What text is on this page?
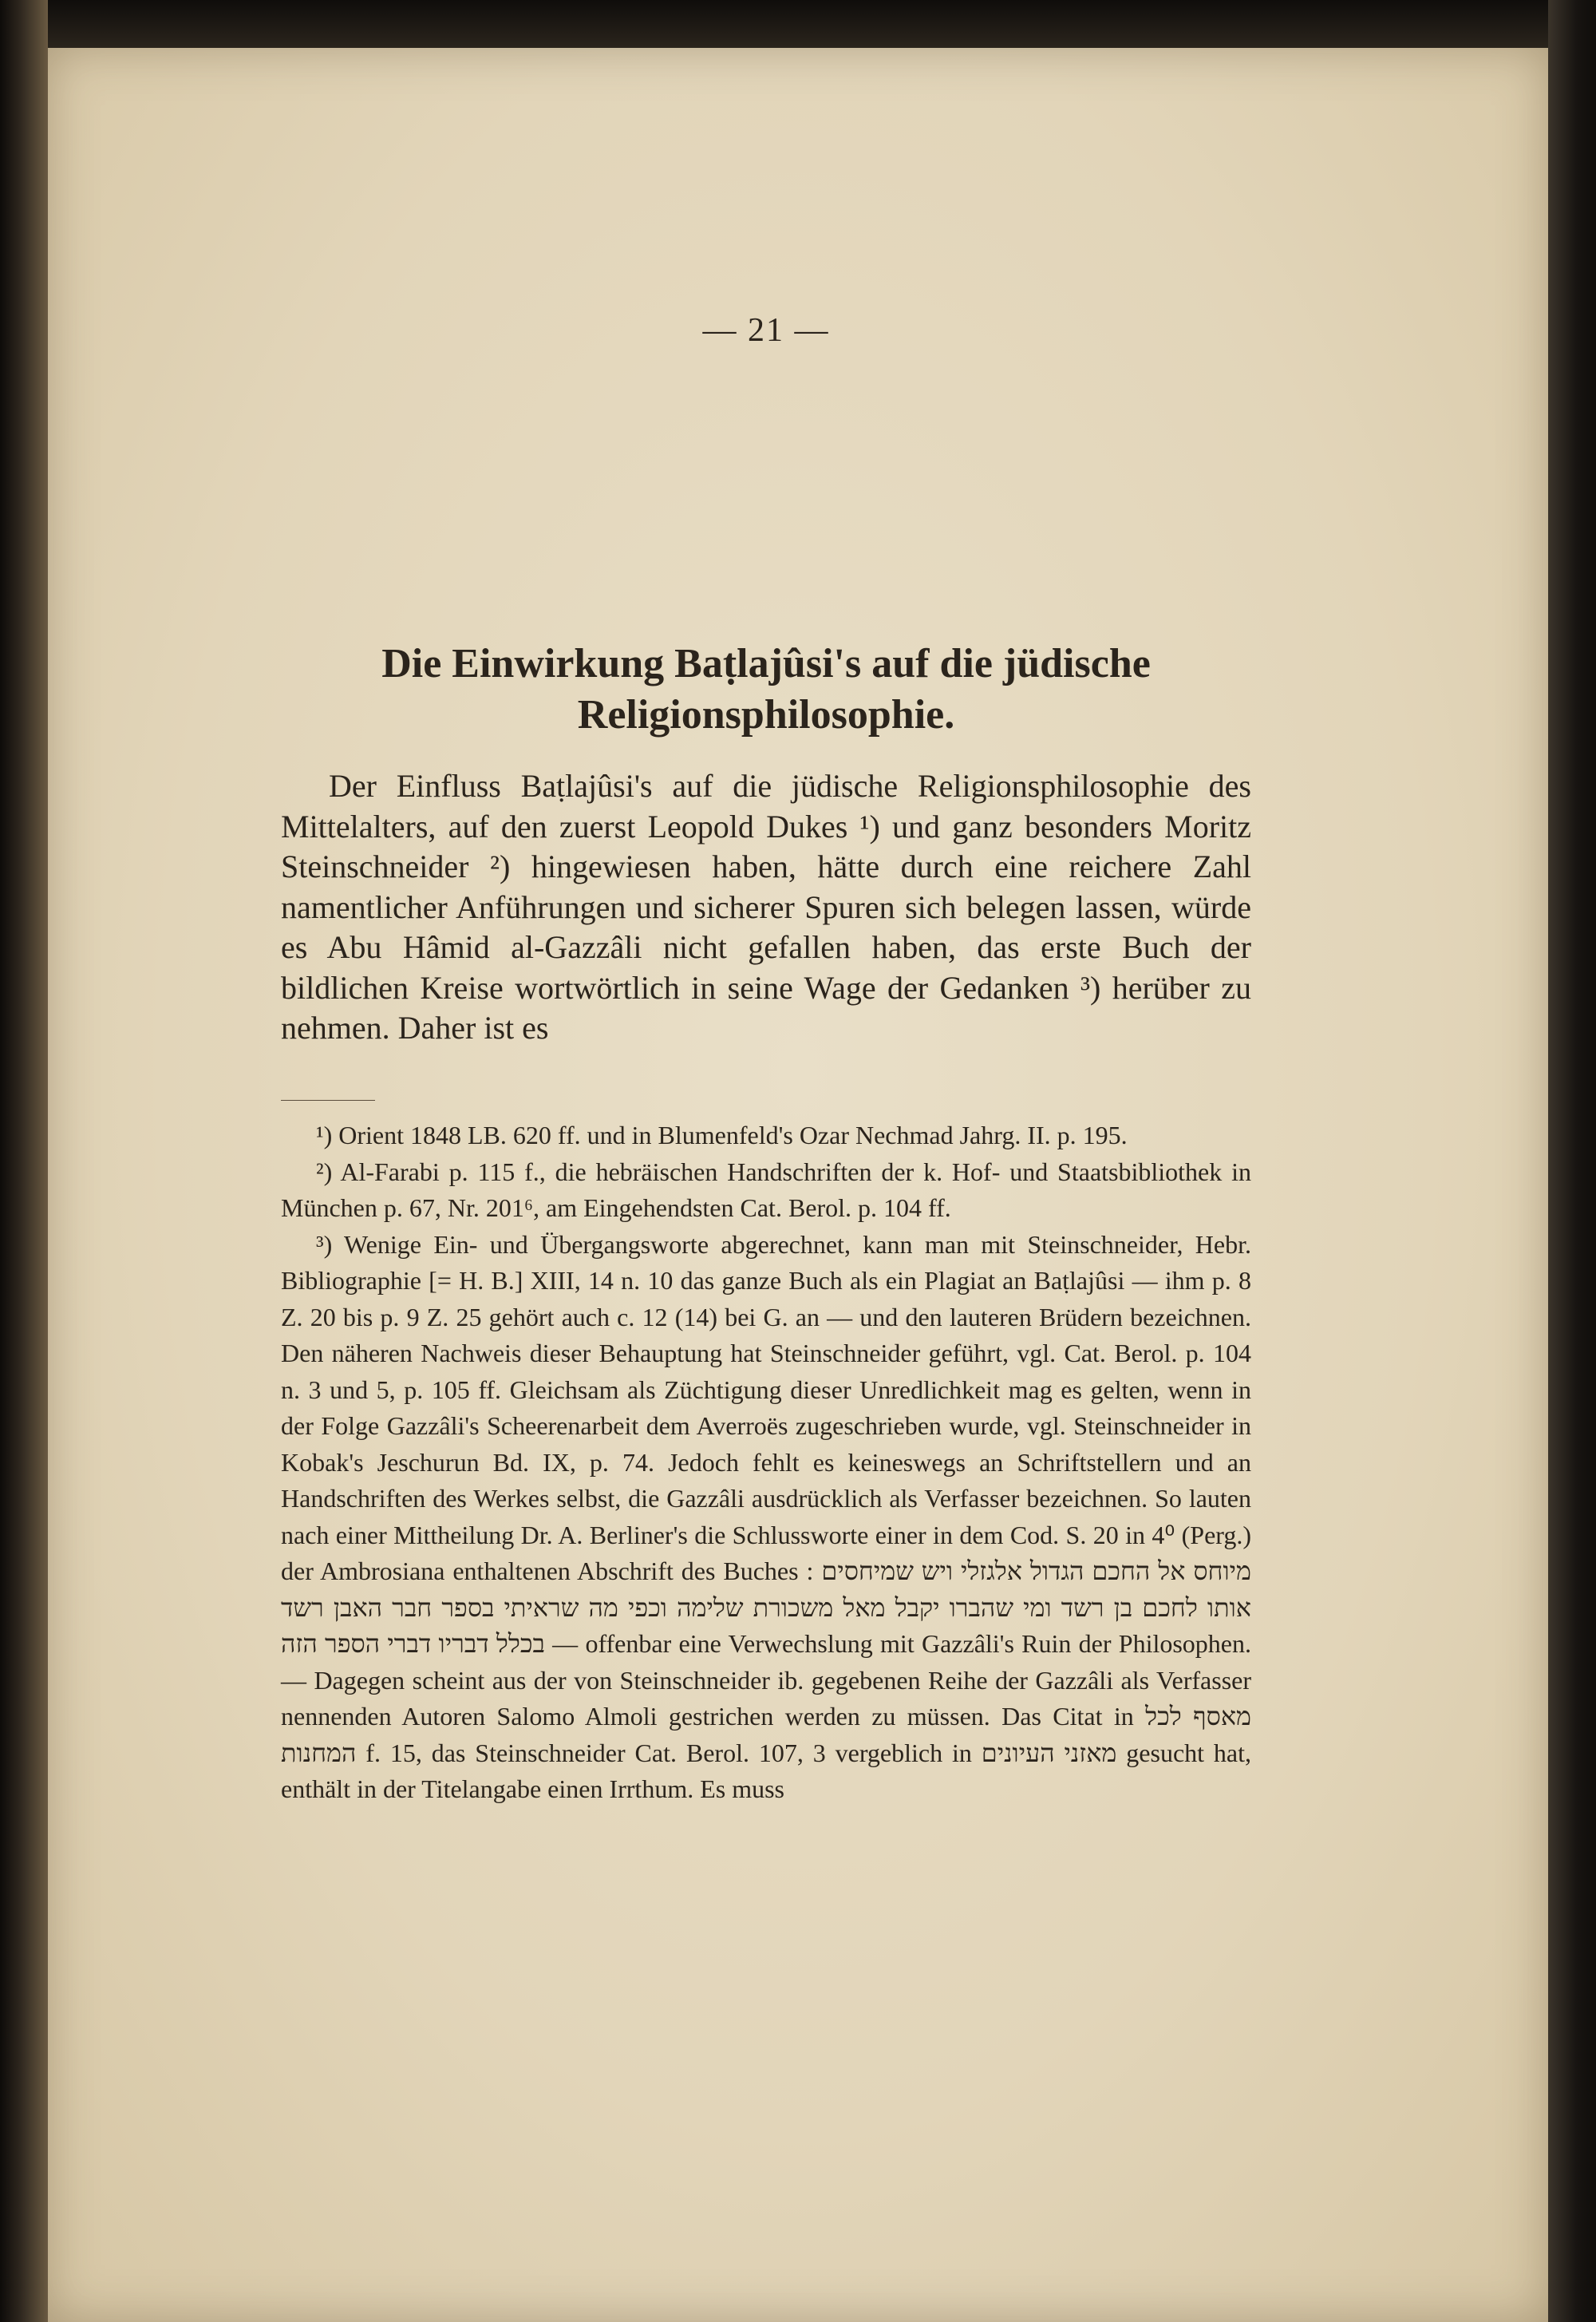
— 21 —
Die Einwirkung Baṭlajûsi's auf die jüdische Religionsphilosophie.

Der Einfluss Baṭlajûsi's auf die jüdische Religionsphilosophie des Mittelalters, auf den zuerst Leopold Dukes ¹) und ganz besonders Moritz Steinschneider ²) hingewiesen haben, hätte durch eine reichere Zahl namentlicher Anführungen und sicherer Spuren sich belegen lassen, würde es Abu Hâmid al-Gazzâli nicht gefallen haben, das erste Buch der bildlichen Kreise wortwörtlich in seine Wage der Gedanken ³) herüber zu nehmen. Daher ist es

¹) Orient 1848 LB. 620 ff. und in Blumenfeld's Ozar Nechmad Jahrg. II. p. 195.

²) Al-Farabi p. 115 f., die hebräischen Handschriften der k. Hof- und Staatsbibliothek in München p. 67, Nr. 201⁶, am Eingehendsten Cat. Berol. p. 104 ff.

³) Wenige Ein- und Übergangsworte abgerechnet, kann man mit Steinschneider, Hebr. Bibliographie [= H. B.] XIII, 14 n. 10 das ganze Buch als ein Plagiat an Baṭlajûsi — ihm p. 8 Z. 20 bis p. 9 Z. 25 gehört auch c. 12 (14) bei G. an — und den lauteren Brüdern bezeichnen. Den näheren Nachweis dieser Behauptung hat Steinschneider geführt, vgl. Cat. Berol. p. 104 n. 3 und 5, p. 105 ff. Gleichsam als Züchtigung dieser Unredlichkeit mag es gelten, wenn in der Folge Gazzâli's Scheerenarbeit dem Averroës zugeschrieben wurde, vgl. Steinschneider in Kobak's Jeschurun Bd. IX, p. 74. Jedoch fehlt es keineswegs an Schriftstellern und an Handschriften des Werkes selbst, die Gazzâli ausdrücklich als Verfasser bezeichnen. So lauten nach einer Mittheilung Dr. A. Berliner's die Schlussworte einer in dem Cod. S. 20 in 4⁰ (Perg.) der Ambrosiana enthaltenen Abschrift des Buches : מיוחס אל החכם הגדול אלגזלי ויש שמיחסים אותו לחכם בן רשד ומי שהברו יקבל מאל משכורת שלימה וכפי מה שראיתי בספר חבר האבן רשד בכלל דבריו דברי הספר הזה — offenbar eine Verwechslung mit Gazzâli's Ruin der Philosophen. — Dagegen scheint aus der von Steinschneider ib. gegebenen Reihe der Gazzâli als Verfasser nennenden Autoren Salomo Almoli gestrichen werden zu müssen. Das Citat in מאסף לכל המחנות f. 15, das Steinschneider Cat. Berol. 107, 3 vergeblich in מאזני העיונים gesucht hat, enthält in der Titelangabe einen Irrthum. Es muss
